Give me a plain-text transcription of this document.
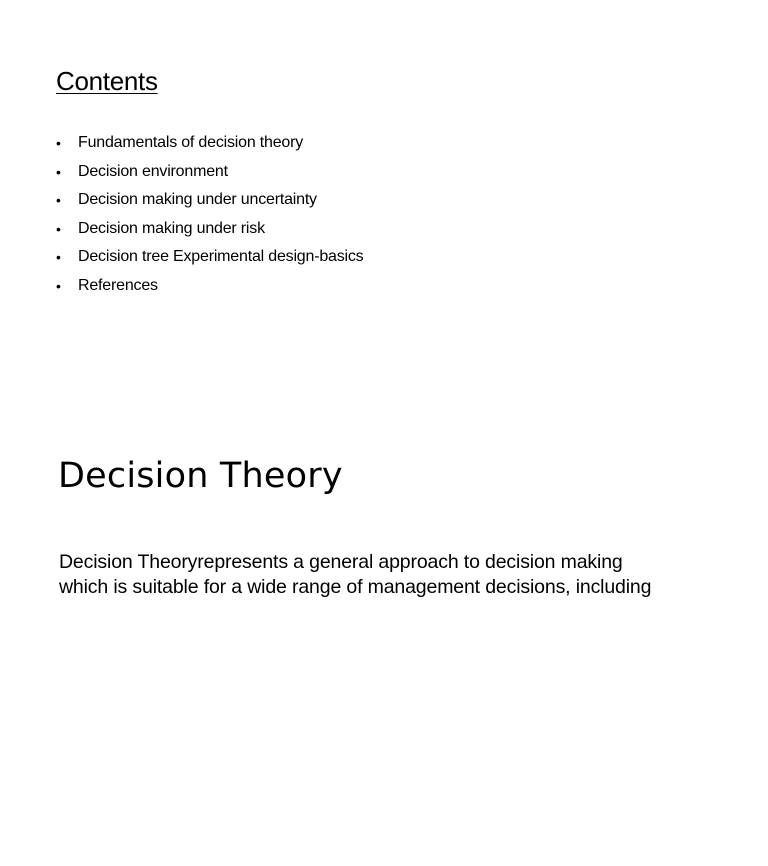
Contents
• Fundamentals of decision theory
• Decision environment
• Decision making under uncertainty
• Decision making under risk
• Decision tree Experimental design-basics
• References
Decision Theory

Decision Theoryrepresents a general approach to decision making
which is suitable for a wide range of management decisions, including
